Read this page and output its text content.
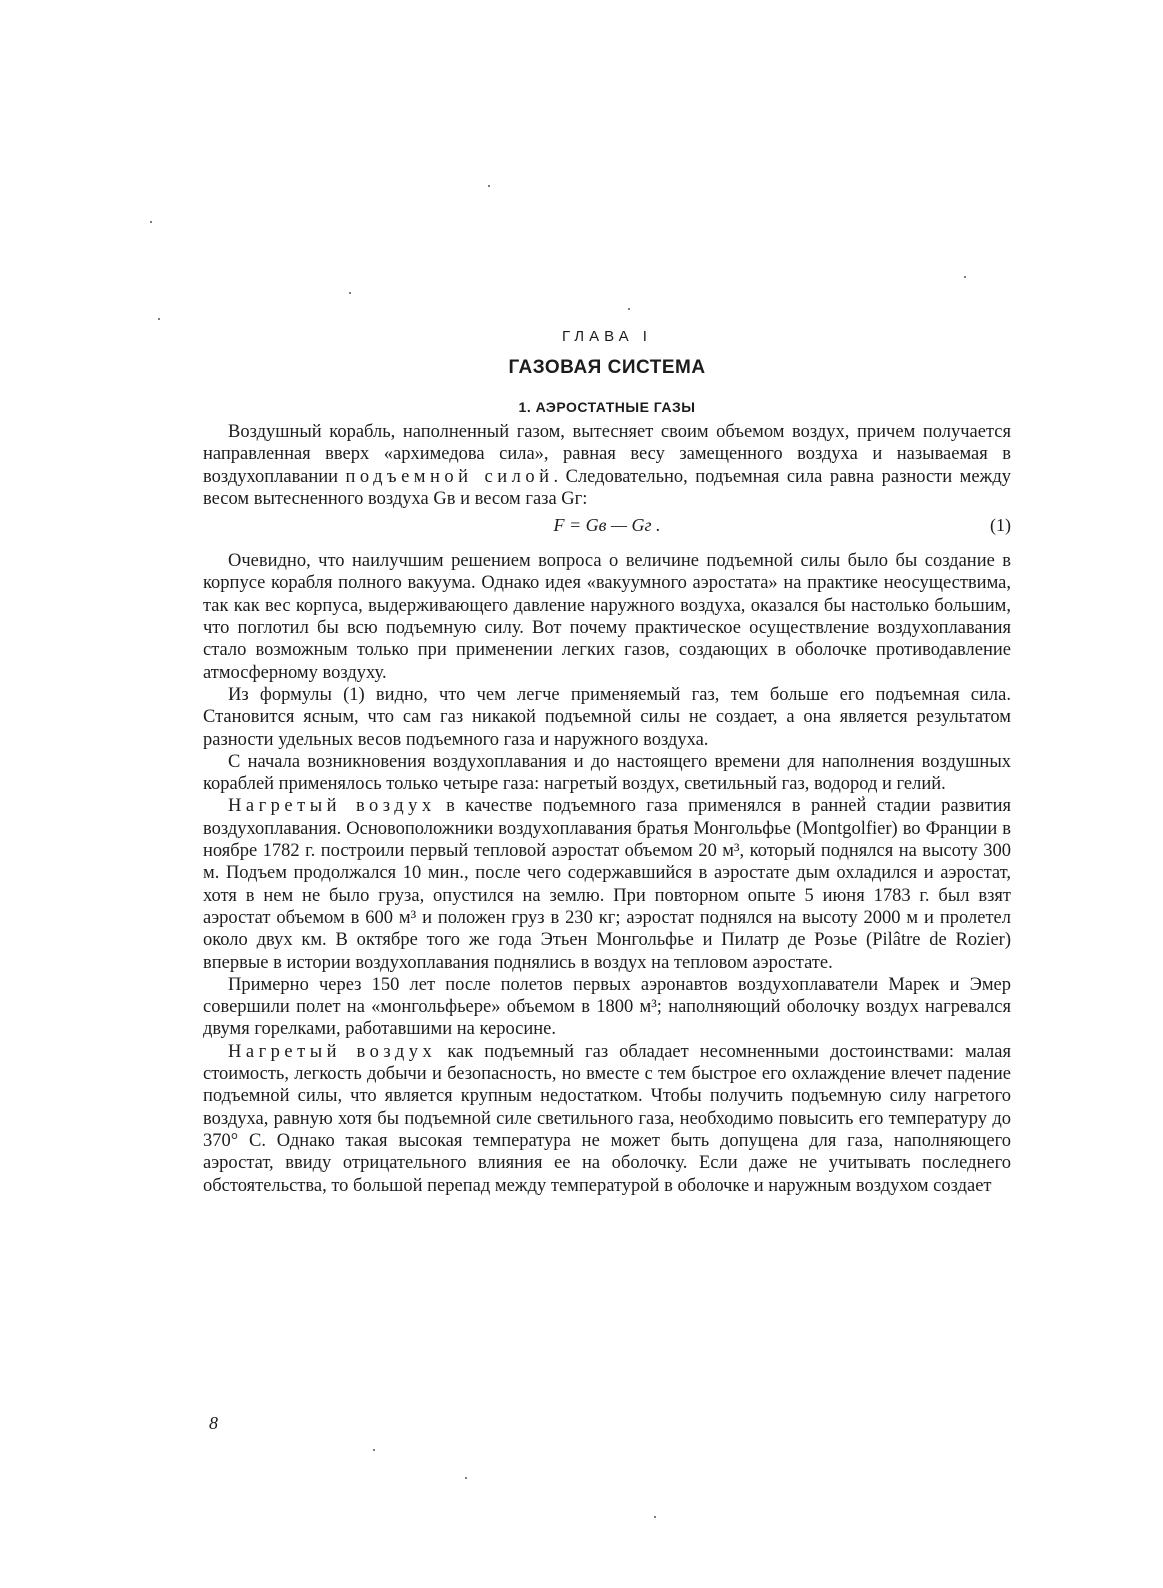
ГЛАВА I
ГАЗОВАЯ СИСТЕМА
1. АЭРОСТАТНЫЕ ГАЗЫ

Воздушный корабль, наполненный газом, вытесняет своим объемом воздух, причем получается направленная вверх «архимедова сила», равная весу замещенного воздуха и называемая в воздухоплавании подъемной силой. Следовательно, подъемная сила равна разности между весом вытесненного воздуха Gв и весом газа Gг:

F = Gв — Gг .	(1)

Очевидно, что наилучшим решением вопроса о величине подъемной силы было бы создание в корпусе корабля полного вакуума. Однако идея «вакуумного аэростата» на практике неосуществима, так как вес корпуса, выдерживающего давление наружного воздуха, оказался бы настолько большим, что поглотил бы всю подъемную силу. Вот почему практическое осуществление воздухоплавания стало возможным только при применении легких газов, создающих в оболочке противодавление атмосферному воздуху.

Из формулы (1) видно, что чем легче применяемый газ, тем больше его подъемная сила. Становится ясным, что сам газ никакой подъемной силы не создает, а она является результатом разности удельных весов подъемного газа и наружного воздуха.

С начала возникновения воздухоплавания и до настоящего времени для наполнения воздушных кораблей применялось только четыре газа: нагретый воздух, светильный газ, водород и гелий.

Нагретый воздух в качестве подъемного газа применялся в ранней стадии развития воздухоплавания. Основоположники воздухоплавания братья Монгольфье (Montgolfier) во Франции в ноябре 1782 г. построили первый тепловой аэростат объемом 20 м³, который поднялся на высоту 300 м. Подъем продолжался 10 мин., после чего содержавшийся в аэростате дым охладился и аэростат, хотя в нем не было груза, опустился на землю. При повторном опыте 5 июня 1783 г. был взят аэростат объемом в 600 м³ и положен груз в 230 кг; аэростат поднялся на высоту 2000 м и пролетел около двух км. В октябре того же года Этьен Монгольфье и Пилатр де Розье (Pilâtre de Rozier) впервые в истории воздухоплавания поднялись в воздух на тепловом аэростате.

Примерно через 150 лет после полетов первых аэронавтов воздухоплаватели Марек и Эмер совершили полет на «монгольфьере» объемом в 1800 м³; наполняющий оболочку воздух нагревался двумя горелками, работавшими на керосине.

Нагретый воздух как подъемный газ обладает несомненными достоинствами: малая стоимость, легкость добычи и безопасность, но вместе с тем быстрое его охлаждение влечет падение подъемной силы, что является крупным недостатком. Чтобы получить подъемную силу нагретого воздуха, равную хотя бы подъемной силе светильного газа, необходимо повысить его температуру до 370° С. Однако такая высокая температура не может быть допущена для газа, наполняющего аэростат, ввиду отрицательного влияния ее на оболочку. Если даже не учитывать последнего обстоятельства, то большой перепад между температурой в оболочке и наружным воздухом создает

8
